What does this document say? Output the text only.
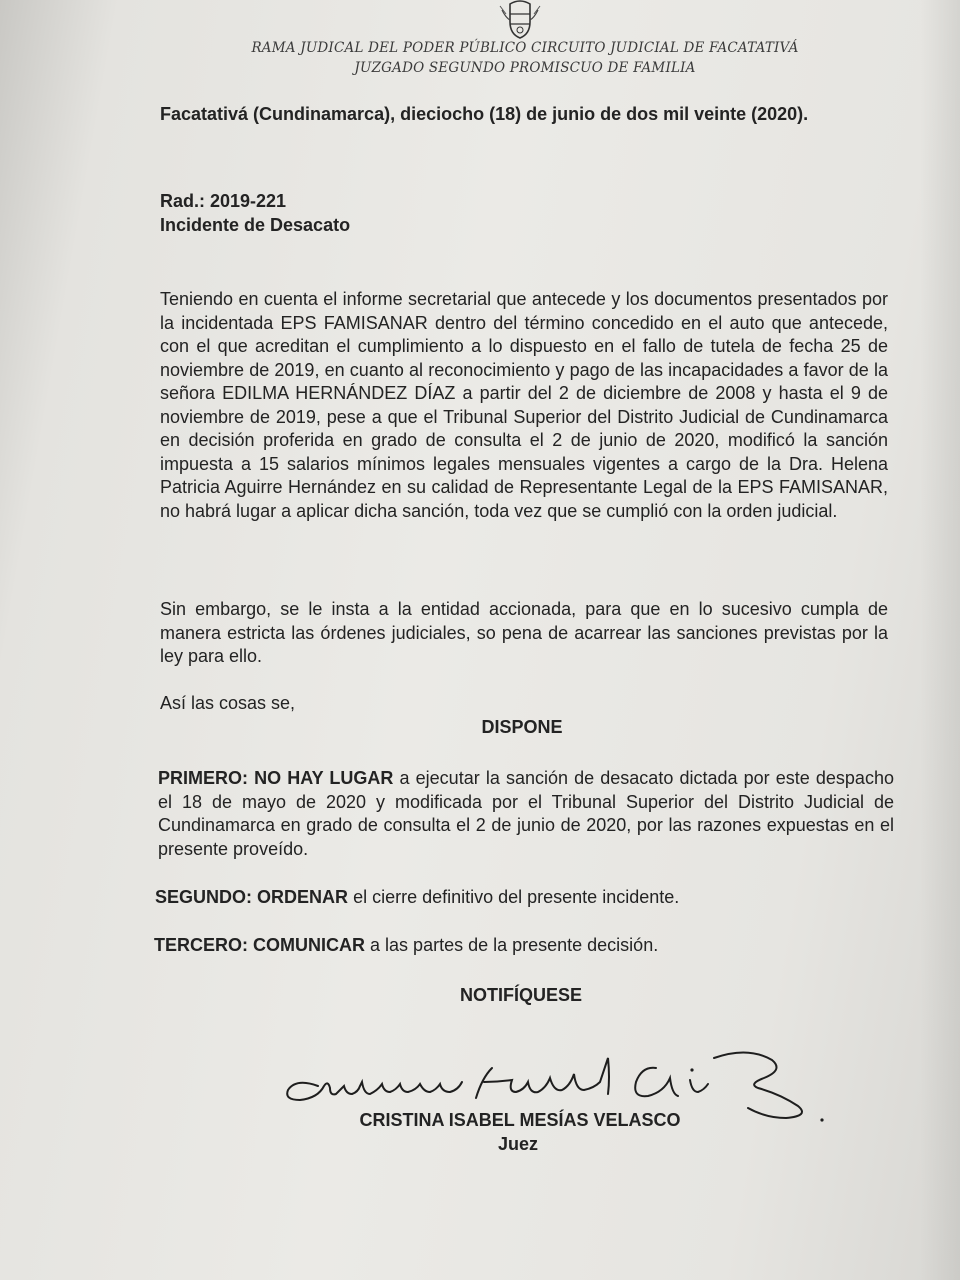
RAMA JUDICAL DEL PODER PÚBLICO CIRCUITO JUDICIAL DE FACATATIVÁ
JUZGADO SEGUNDO PROMISCUO DE FAMILIA
Facatativá (Cundinamarca), dieciocho (18) de junio de dos mil veinte (2020).

Rad.: 2019-221

Incidente de Desacato

Teniendo en cuenta el informe secretarial que antecede y los documentos presentados por la incidentada EPS FAMISANAR dentro del término concedido en el auto que antecede, con el que acreditan el cumplimiento a lo dispuesto en el fallo de tutela de fecha 25 de noviembre de 2019, en cuanto al reconocimiento y pago de las incapacidades a favor de la señora EDILMA HERNÁNDEZ DÍAZ a partir del 2 de diciembre de 2008 y hasta el 9 de noviembre de 2019, pese a que el Tribunal Superior del Distrito Judicial de Cundinamarca en decisión proferida en grado de consulta el 2 de junio de 2020, modificó la sanción impuesta a 15 salarios mínimos legales mensuales vigentes a cargo de la Dra. Helena Patricia Aguirre Hernández en su calidad de Representante Legal de la EPS FAMISANAR, no habrá lugar a aplicar dicha sanción, toda vez que se cumplió con la orden judicial.

Sin embargo, se le insta a la entidad accionada, para que en lo sucesivo cumpla de manera estricta las órdenes judiciales, so pena de acarrear las sanciones previstas por la ley para ello.

Así las cosas se,

DISPONE

PRIMERO: NO HAY LUGAR a ejecutar la sanción de desacato dictada por este despacho el 18 de mayo de 2020 y modificada por el Tribunal Superior del Distrito Judicial de Cundinamarca en grado de consulta el 2 de junio de 2020, por las razones expuestas en el presente proveído.

SEGUNDO: ORDENAR el cierre definitivo del presente incidente.

TERCERO: COMUNICAR a las partes de la presente decisión.

NOTIFÍQUESE
CRISTINA ISABEL MESÍAS VELASCO
Juez
